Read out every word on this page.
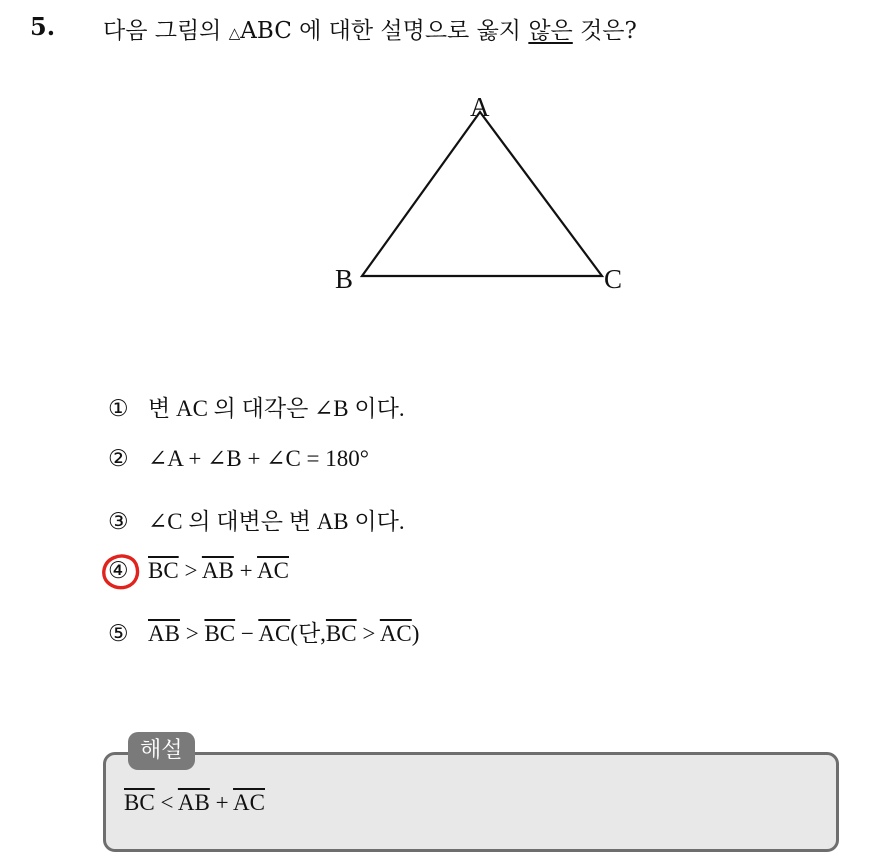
5. 다음 그림의 △ABC 에 대한 설명으로 옳지 않은 것은?
A
B	C
① 변 AC 의 대각은 ∠B 이다.
② ∠A + ∠B + ∠C = 180°
③ ∠C 의 대변은 변 AB 이다.
④ $\overline{BC} > \overline{AB} + \overline{AC}$
⑤ $\overline{AB} > \overline{BC} - \overline{AC}$(단$,\overline{BC} > \overline{AC}$)
해설
$\overline{BC} < \overline{AB} + \overline{AC}$
